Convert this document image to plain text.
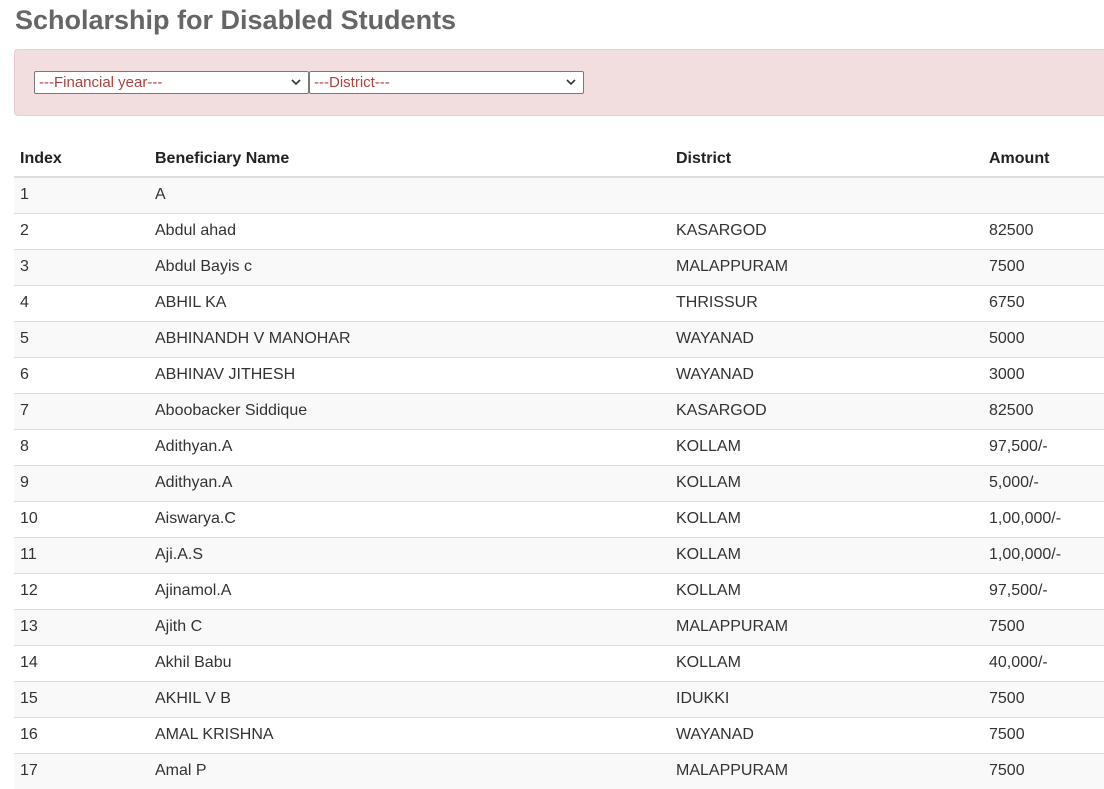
Scholarship for Disabled Students
---Financial year---	---District---
Index	Beneficiary Name	District	Amount
1	A		
2	Abdul ahad	KASARGOD	82500
3	Abdul Bayis c	MALAPPURAM	7500
4	ABHIL KA	THRISSUR	6750
5	ABHINANDH V MANOHAR	WAYANAD	5000
6	ABHINAV JITHESH	WAYANAD	3000
7	Aboobacker Siddique	KASARGOD	82500
8	Adithyan.A	KOLLAM	97,500/-
9	Adithyan.A	KOLLAM	5,000/-
10	Aiswarya.C	KOLLAM	1,00,000/-
11	Aji.A.S	KOLLAM	1,00,000/-
12	Ajinamol.A	KOLLAM	97,500/-
13	Ajith C	MALAPPURAM	7500
14	Akhil Babu	KOLLAM	40,000/-
15	AKHIL V B	IDUKKI	7500
16	AMAL KRISHNA	WAYANAD	7500
17	Amal P	MALAPPURAM	7500
